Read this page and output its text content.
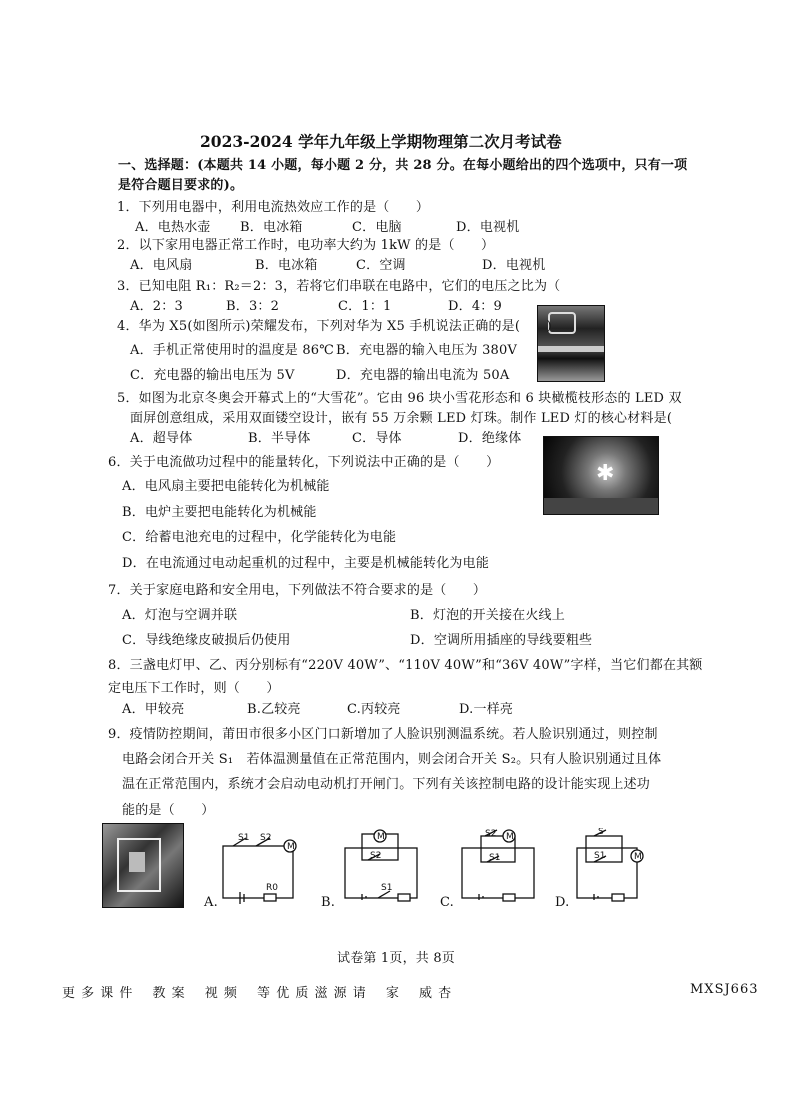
2023-2024 学年九年级上学期物理第二次月考试卷
一、选择题：(本题共 14 小题，每小题 2 分，共 28 分。在每小题给出的四个选项中，只有一项
是符合题目要求的)。
1．下列用电器中，利用电流热效应工作的是（　　）
A．电热水壶 B．电冰箱	C．电脑	D．电视机
2．以下家用电器正常工作时，电功率大约为 1kW 的是（　　）
A．电风扇	B．电冰箱	C．空调	D．电视机
3．已知电阻 R₁：R₂＝2：3，若将它们串联在电路中，它们的电压之比为（
A．2：3	B．3：2	C．1：1	D．4：9
4．华为 X5(如图所示)荣耀发布，下列对华为 X5 手机说法正确的是(　　)
A．手机正常使用时的温度是 86℃ B．充电器的输入电压为 380V
C．充电器的输出电压为 5V	D．充电器的输出电流为 50A
5．如图为北京冬奥会开幕式上的“大雪花”。它由 96 块小雪花形态和 6 块橄榄枝形态的 LED 双
面屏创意组成，采用双面镂空设计，嵌有 55 万余颗 LED 灯珠。制作 LED 灯的核心材料是(
A．超导体	B．半导体	C．导体	D．绝缘体
✱
6．关于电流做功过程中的能量转化，下列说法中正确的是（　　）
A．电风扇主要把电能转化为机械能
B．电炉主要把电能转化为机械能
C．给蓄电池充电的过程中，化学能转化为电能
D．在电流通过电动起重机的过程中，主要是机械能转化为电能
7．关于家庭电路和安全用电，下列做法不符合要求的是（　　）
A．灯泡与空调并联	B．灯泡的开关接在火线上
C．导线绝缘皮破损后仍使用	D．空调所用插座的导线要粗些
8．三盏电灯甲、乙、丙分别标有“220V 40W”、“110V 40W”和“36V 40W”字样，当它们都在其额
定电压下工作时，则（　　）
A．甲较亮	B.乙较亮	C.丙较亮	D.一样亮
9．疫情防控期间，莆田市很多小区门口新增加了人脸识别测温系统。若人脸识别通过，则控制
电路会闭合开关 S₁　若体温测量值在正常范围内，则会闭合开关 S₂。只有人脸识别通过且体
温在正常范围内，系统才会启动电动机打开闸门。下列有关该控制电路的设计能实现上述功
能的是（　　）
A.	B.	C.	D.
M
S1 S2
R0
M
S2
S1
M
S2
S1
S
S1	M
试卷第 1页，共 8页
更 多 课 件　 教 案　 视 频　 等 优 质 滋 源 请　 家　 威 杏	MXSJ663
